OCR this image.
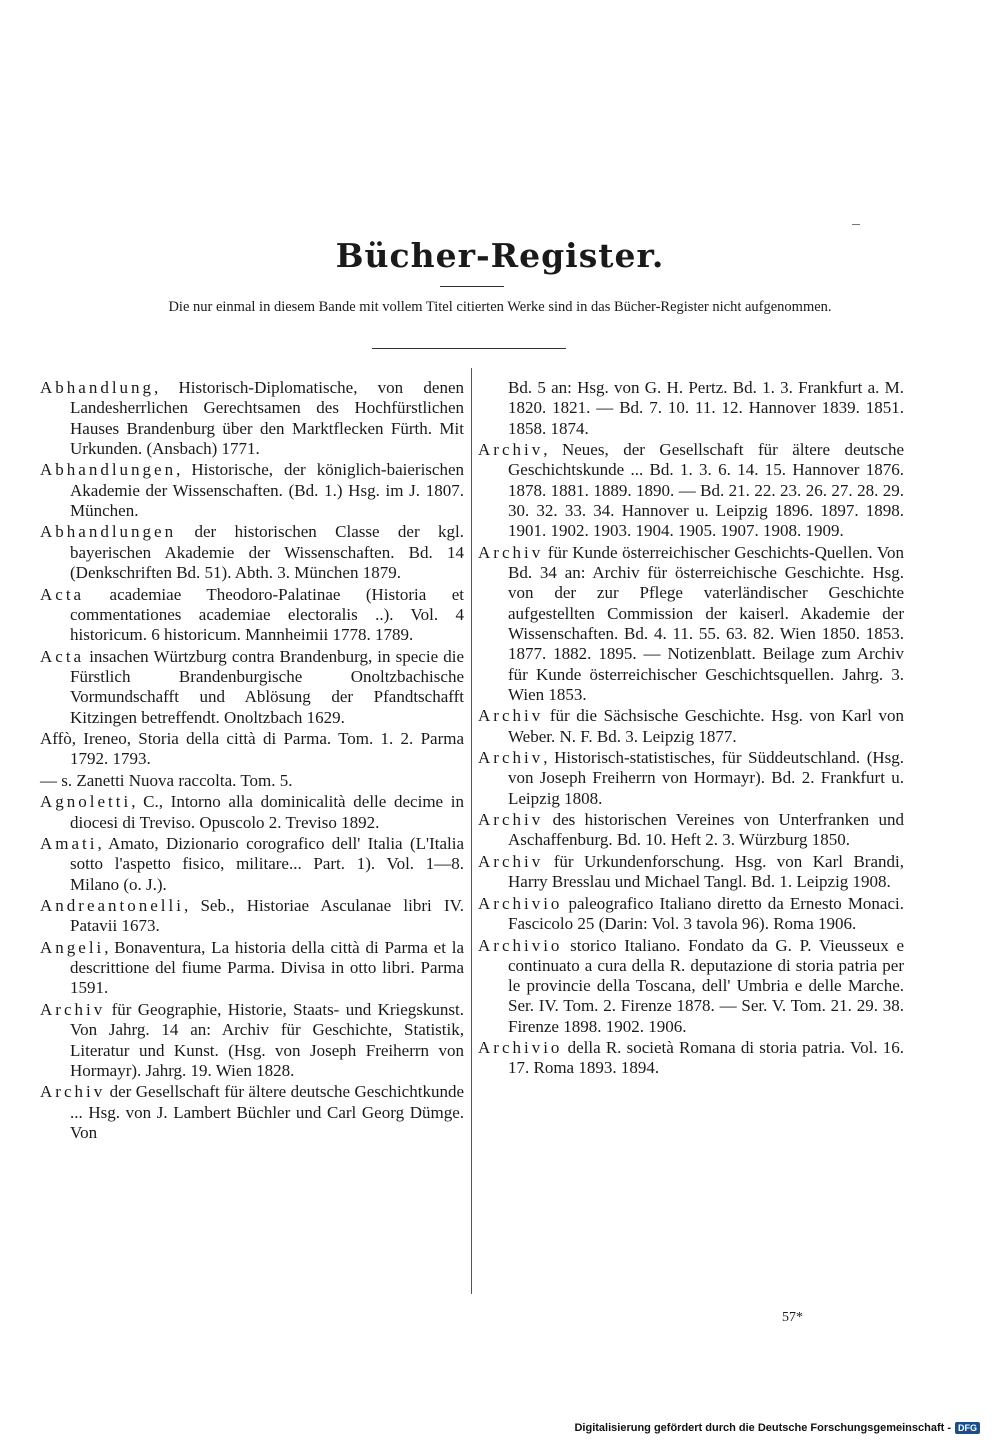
Bücher-Register.
Die nur einmal in diesem Bande mit vollem Titel citierten Werke sind in das Bücher-Register nicht aufgenommen.

Abhandlung, Historisch-Diplomatische, von denen Landesherrlichen Gerechtsamen des Hochfürstlichen Hauses Brandenburg über den Marktflecken Fürth. Mit Urkunden. (Ansbach) 1771.

Abhandlungen, Historische, der königlich-baierischen Akademie der Wissenschaften. (Bd. 1.) Hsg. im J. 1807. München.

Abhandlungen der historischen Classe der kgl. bayerischen Akademie der Wissenschaften. Bd. 14 (Denkschriften Bd. 51). Abth. 3. München 1879.

Acta academiae Theodoro-Palatinae (Historia et commentationes academiae electoralis ..). Vol. 4 historicum. 6 historicum. Mannheimii 1778. 1789.

Acta insachen Würtzburg contra Brandenburg, in specie die Fürstlich Brandenburgische Onoltzbachische Vormundschafft und Ablösung der Pfandtschafft Kitzingen betreffendt. Onoltzbach 1629.

Affò, Ireneo, Storia della città di Parma. Tom. 1. 2. Parma 1792. 1793.

— s. Zanetti Nuova raccolta. Tom. 5.

Agnoletti, C., Intorno alla dominicalità delle decime in diocesi di Treviso. Opuscolo 2. Treviso 1892.

Amati, Amato, Dizionario corografico dell' Italia (L'Italia sotto l'aspetto fisico, militare... Part. 1). Vol. 1—8. Milano (o. J.).

Andreantonelli, Seb., Historiae Asculanae libri IV. Patavii 1673.

Angeli, Bonaventura, La historia della città di Parma et la descrittione del fiume Parma. Divisa in otto libri. Parma 1591.

Archiv für Geographie, Historie, Staats- und Kriegskunst. Von Jahrg. 14 an: Archiv für Geschichte, Statistik, Literatur und Kunst. (Hsg. von Joseph Freiherrn von Hormayr). Jahrg. 19. Wien 1828.

Archiv der Gesellschaft für ältere deutsche Geschichtkunde ... Hsg. von J. Lambert Büchler und Carl Georg Dümge. Von

Bd. 5 an: Hsg. von G. H. Pertz. Bd. 1. 3. Frankfurt a. M. 1820. 1821. — Bd. 7. 10. 11. 12. Hannover 1839. 1851. 1858. 1874.

Archiv, Neues, der Gesellschaft für ältere deutsche Geschichtskunde ... Bd. 1. 3. 6. 14. 15. Hannover 1876. 1878. 1881. 1889. 1890. — Bd. 21. 22. 23. 26. 27. 28. 29. 30. 32. 33. 34. Hannover u. Leipzig 1896. 1897. 1898. 1901. 1902. 1903. 1904. 1905. 1907. 1908. 1909.

Archiv für Kunde österreichischer Geschichts-Quellen. Von Bd. 34 an: Archiv für österreichische Geschichte. Hsg. von der zur Pflege vaterländischer Geschichte aufgestellten Commission der kaiserl. Akademie der Wissenschaften. Bd. 4. 11. 55. 63. 82. Wien 1850. 1853. 1877. 1882. 1895. — Notizenblatt. Beilage zum Archiv für Kunde österreichischer Geschichtsquellen. Jahrg. 3. Wien 1853.

Archiv für die Sächsische Geschichte. Hsg. von Karl von Weber. N. F. Bd. 3. Leipzig 1877.

Archiv, Historisch-statistisches, für Süddeutschland. (Hsg. von Joseph Freiherrn von Hormayr). Bd. 2. Frankfurt u. Leipzig 1808.

Archiv des historischen Vereines von Unterfranken und Aschaffenburg. Bd. 10. Heft 2. 3. Würzburg 1850.

Archiv für Urkundenforschung. Hsg. von Karl Brandi, Harry Bresslau und Michael Tangl. Bd. 1. Leipzig 1908.

Archivio paleografico Italiano diretto da Ernesto Monaci. Fascicolo 25 (Darin: Vol. 3 tavola 96). Roma 1906.

Archivio storico Italiano. Fondato da G. P. Vieusseux e continuato a cura della R. deputazione di storia patria per le provincie della Toscana, dell' Umbria e delle Marche. Ser. IV. Tom. 2. Firenze 1878. — Ser. V. Tom. 21. 29. 38. Firenze 1898. 1902. 1906.

Archivio della R. società Romana di storia patria. Vol. 16. 17. Roma 1893. 1894.

57*
Digitalisierung gefördert durch die Deutsche Forschungsgemeinschaft - DFG
